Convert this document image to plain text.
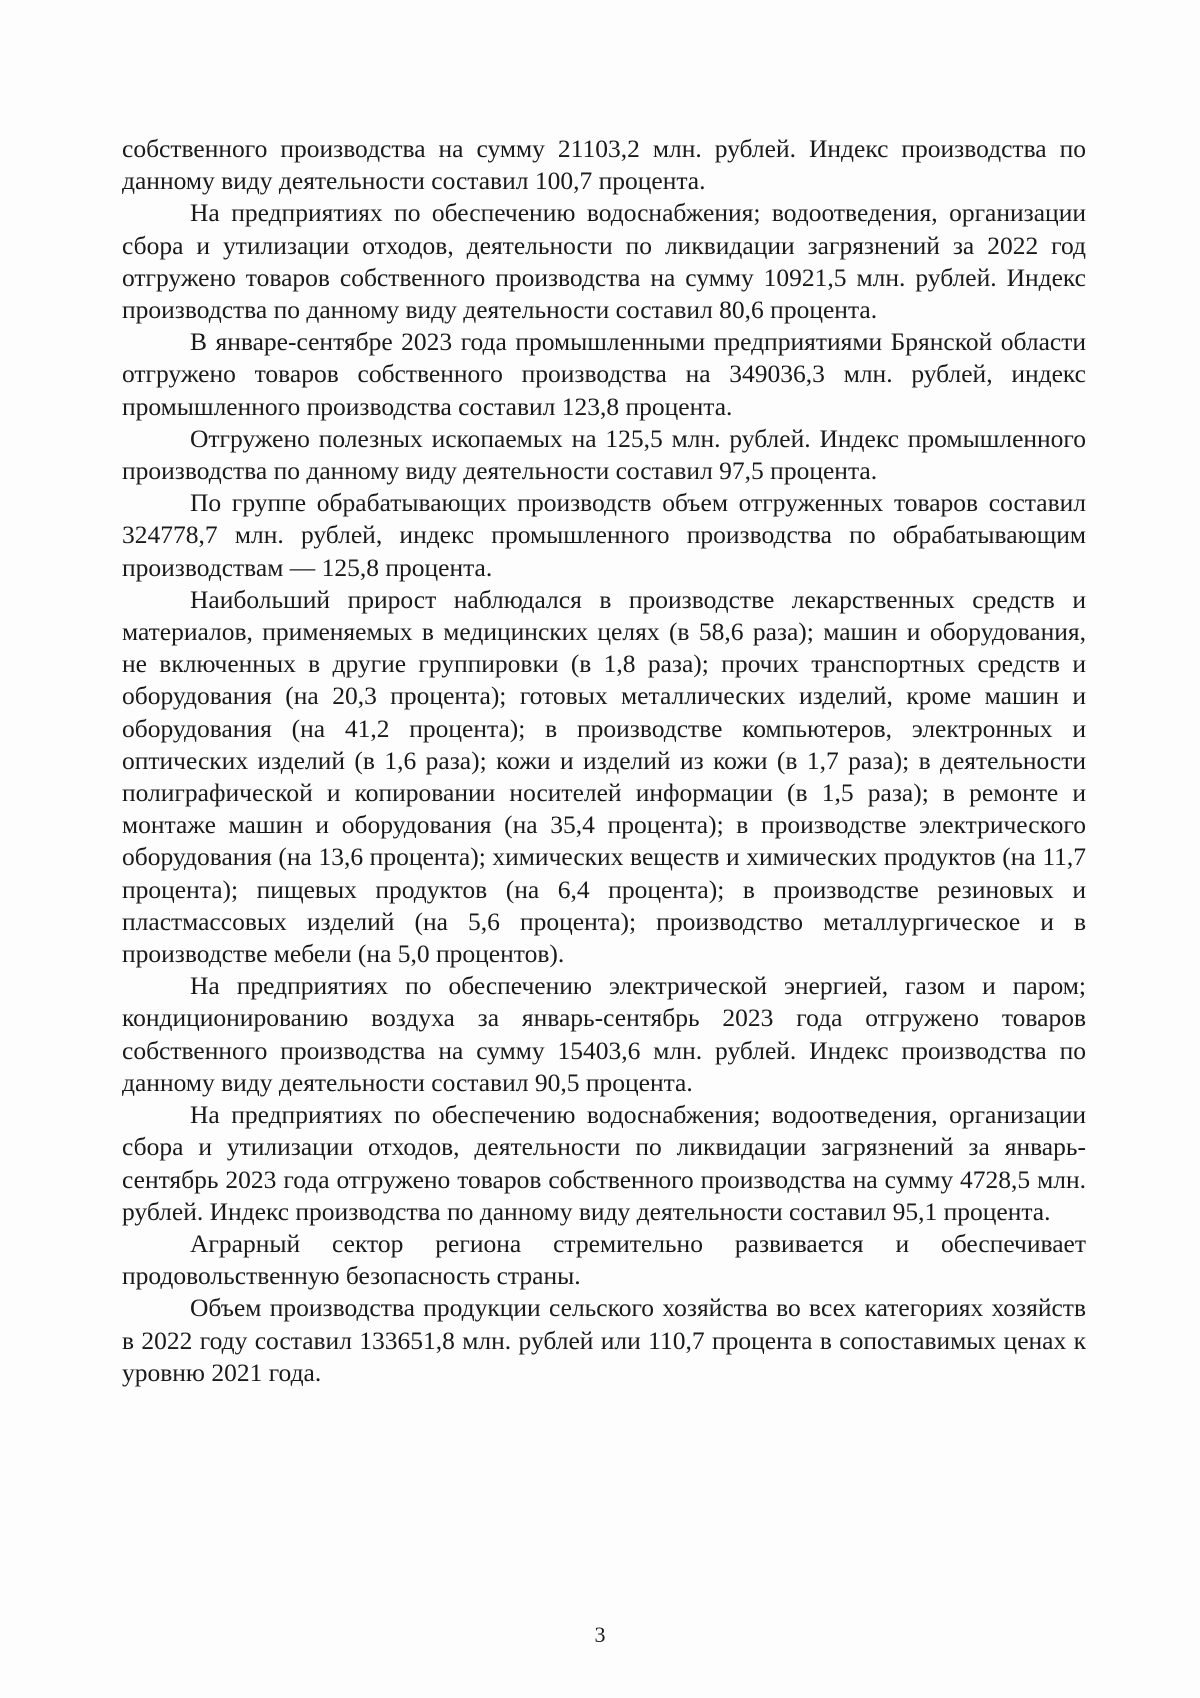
собственного производства на сумму 21103,2 млн. рублей. Индекс производства по данному виду деятельности составил 100,7 процента.

На предприятиях по обеспечению водоснабжения; водоотведения, организации сбора и утилизации отходов, деятельности по ликвидации загрязнений за 2022 год отгружено товаров собственного производства на сумму 10921,5 млн. рублей. Индекс производства по данному виду деятельности составил 80,6 процента.

В январе-сентябре 2023 года промышленными предприятиями Брянской области отгружено товаров собственного производства на 349036,3 млн. рублей, индекс промышленного производства составил 123,8 процента.

Отгружено полезных ископаемых на 125,5 млн. рублей. Индекс промышленного производства по данному виду деятельности составил 97,5 процента.

По группе обрабатывающих производств объем отгруженных товаров составил 324778,7 млн. рублей, индекс промышленного производства по обрабатывающим производствам — 125,8 процента.

Наибольший прирост наблюдался в производстве лекарственных средств и материалов, применяемых в медицинских целях (в 58,6 раза); машин и оборудования, не включенных в другие группировки (в 1,8 раза); прочих транспортных средств и оборудования (на 20,3 процента); готовых металлических изделий, кроме машин и оборудования (на 41,2 процента); в производстве компьютеров, электронных и оптических изделий (в 1,6 раза); кожи и изделий из кожи (в 1,7 раза); в деятельности полиграфической и копировании носителей информации (в 1,5 раза); в ремонте и монтаже машин и оборудования (на 35,4 процента); в производстве электрического оборудования (на 13,6 процента); химических веществ и химических продуктов (на 11,7 процента); пищевых продуктов (на 6,4 процента); в производстве резиновых и пластмассовых изделий (на 5,6 процента); производство металлургическое и в производстве мебели (на 5,0 процентов).

На предприятиях по обеспечению электрической энергией, газом и паром; кондиционированию воздуха за январь-сентябрь 2023 года отгружено товаров собственного производства на сумму 15403,6 млн. рублей. Индекс производства по данному виду деятельности составил 90,5 процента.

На предприятиях по обеспечению водоснабжения; водоотведения, организации сбора и утилизации отходов, деятельности по ликвидации загрязнений за январь-сентябрь 2023 года отгружено товаров собственного производства на сумму 4728,5 млн. рублей. Индекс производства по данному виду деятельности составил 95,1 процента.

Аграрный сектор региона стремительно развивается и обеспечивает продовольственную безопасность страны.

Объем производства продукции сельского хозяйства во всех категориях хозяйств в 2022 году составил 133651,8 млн. рублей или 110,7 процента в сопоставимых ценах к уровню 2021 года.

3
